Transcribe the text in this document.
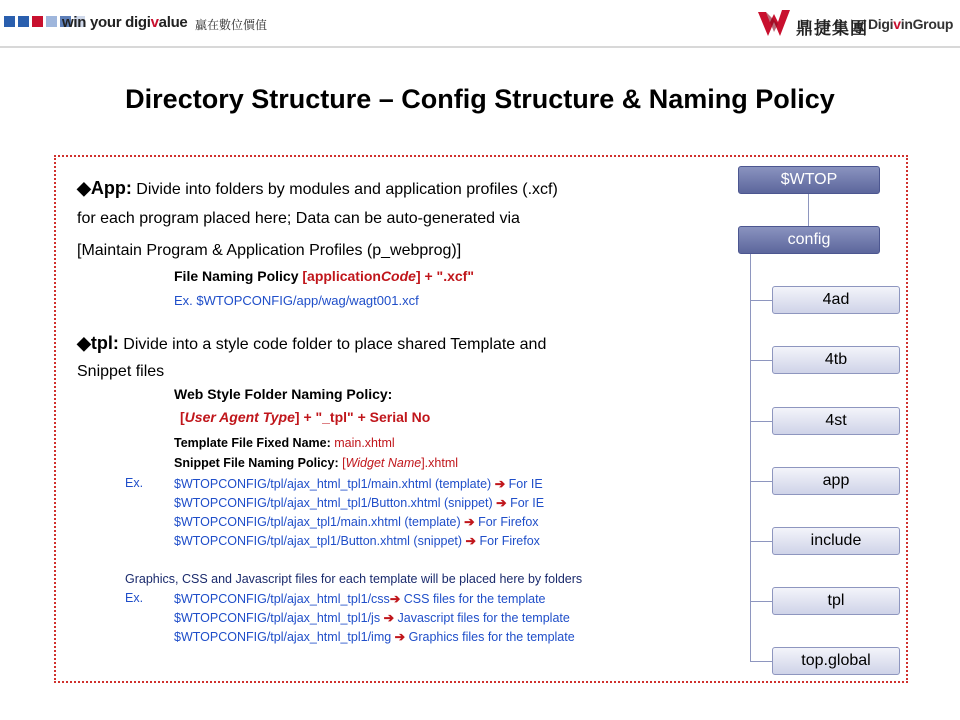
win your digivalue 贏在數位價值	鼎捷集團 DigivinGroup
Directory Structure – Config Structure & Naming Policy
◆App: Divide into folders by modules and application profiles (.xcf)
for each program placed here; Data can be auto-generated via
[Maintain Program & Application Profiles (p_webprog)]
File Naming Policy [applicationCode] + ".xcf"
Ex. $WTOPCONFIG/app/wag/wagt001.xcf
◆tpl: Divide into a style code folder to place shared Template and
Snippet files
Web Style Folder Naming Policy:
[User Agent Type] + "_tpl" + Serial No
Template File Fixed Name: main.xhtml
Snippet File Naming Policy: [Widget Name].xhtml
Ex. $WTOPCONFIG/tpl/ajax_html_tpl1/main.xhtml (template) ➔ For IE
$WTOPCONFIG/tpl/ajax_html_tpl1/Button.xhtml (snippet) ➔ For IE
$WTOPCONFIG/tpl/ajax_tpl1/main.xhtml (template) ➔ For Firefox
$WTOPCONFIG/tpl/ajax_tpl1/Button.xhtml (snippet) ➔ For Firefox
Graphics, CSS and Javascript files for each template will be placed here by folders
Ex. $WTOPCONFIG/tpl/ajax_html_tpl1/css➔ CSS files for the template
$WTOPCONFIG/tpl/ajax_html_tpl1/js ➔ Javascript files for the template
$WTOPCONFIG/tpl/ajax_html_tpl1/img ➔ Graphics files for the template
$WTOP
config
4ad
4tb
4st
app
include
tpl
top.global
